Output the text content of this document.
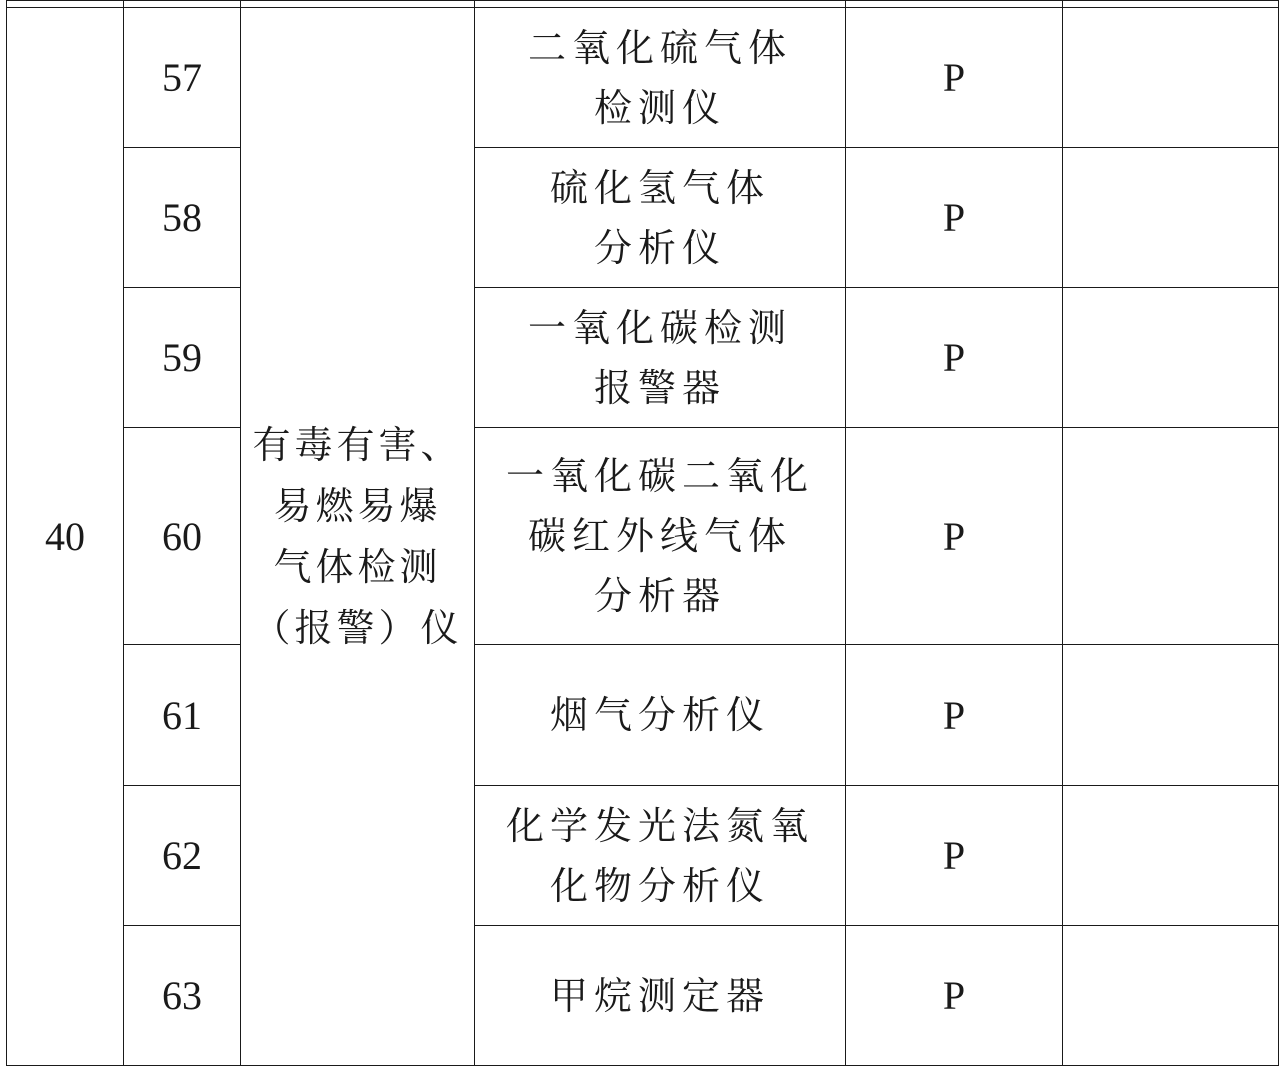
40	57	有毒有害、
易燃易爆
气体检测
（报警）仪	二氧化硫气体
检测仪	P	
	58		硫化氢气体
分析仪	P	
	59		一氧化碳检测
报警器	P	
	60		一氧化碳二氧化
碳红外线气体
分析器	P	
	61		烟气分析仪	P	
	62		化学发光法氮氧
化物分析仪	P	
	63		甲烷测定器	P	
